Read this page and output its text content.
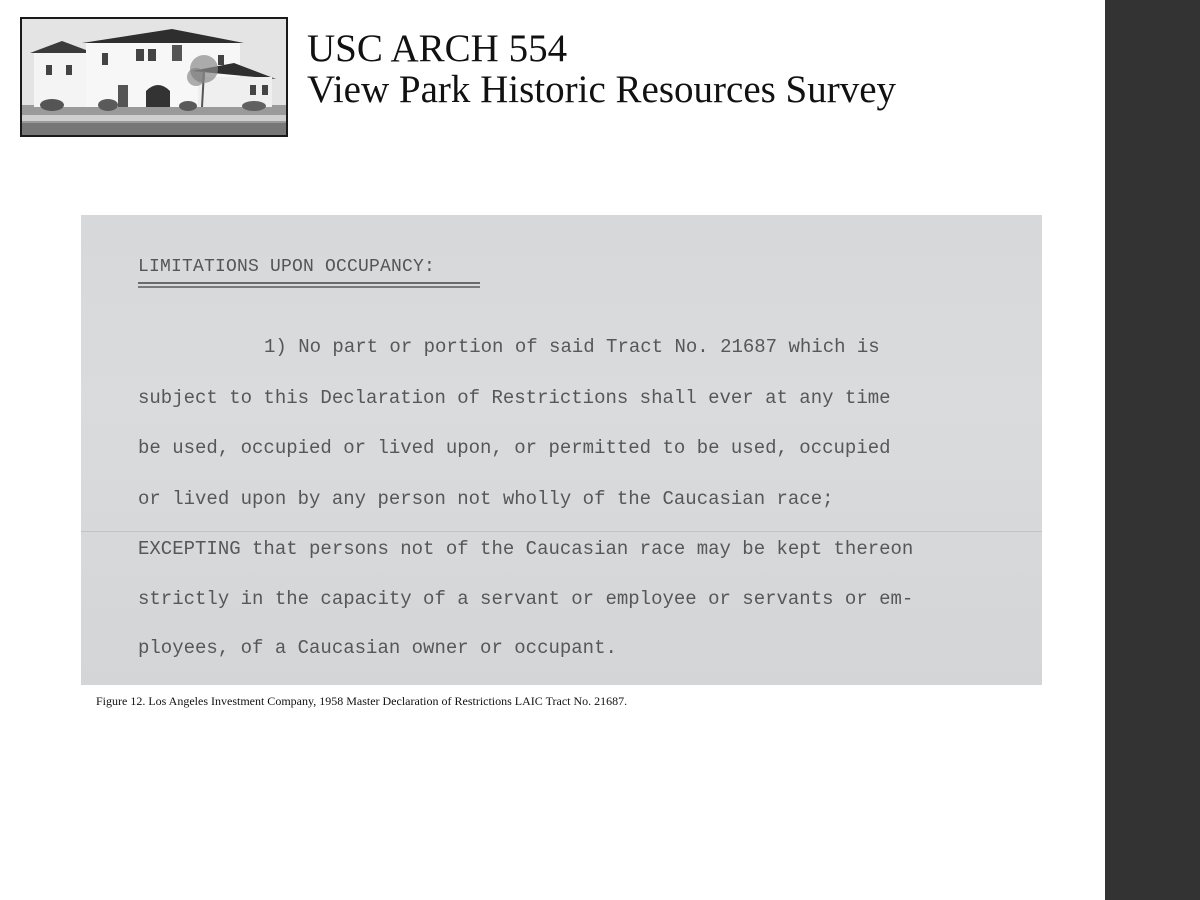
USC ARCH 554
View Park Historic Resources Survey
LIMITATIONS UPON OCCUPANCY:
1) No part or portion of said Tract No. 21687 which is
subject to this Declaration of Restrictions shall ever at any time
be used, occupied or lived upon, or permitted to be used, occupied
or lived upon by any person not wholly of the Caucasian race;
EXCEPTING that persons not of the Caucasian race may be kept thereon
strictly in the capacity of a servant or employee or servants or em-
ployees, of a Caucasian owner or occupant.
Figure 12. Los Angeles Investment Company, 1958 Master Declaration of Restrictions LAIC Tract No. 21687.
